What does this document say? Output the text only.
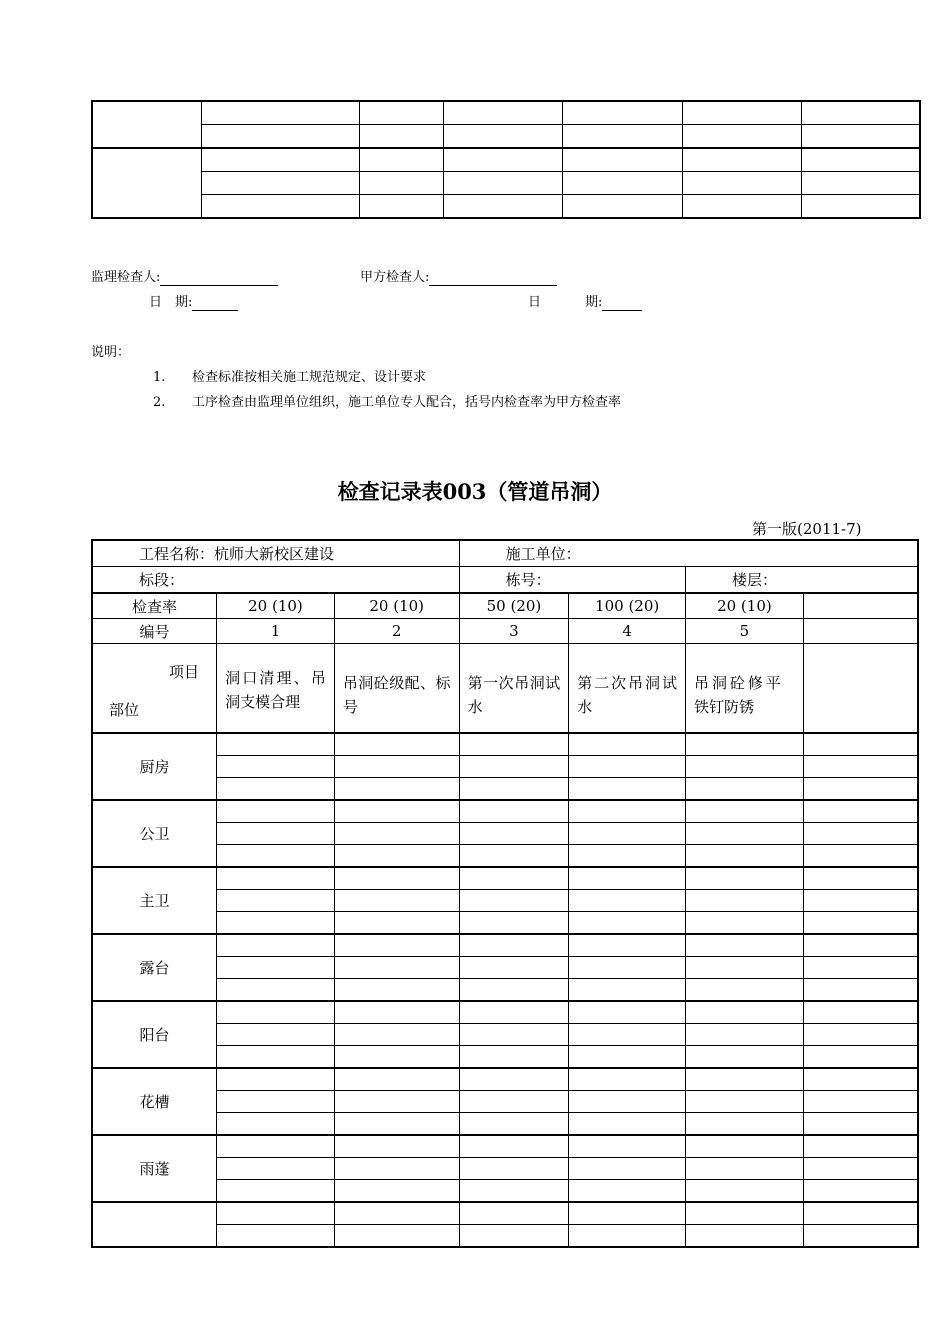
监理检查人:	甲方检查人:
日　期:	日	期:
说明：
1. 检查标准按相关施工规范规定、设计要求
2. 工序检查由监理单位组织，施工单位专人配合，括号内检查率为甲方检查率
检查记录表003（管道吊洞）
第一版(2011-7)
工程名称：杭师大新校区建设			施工单位：			
标段：			栋号：		楼层：	
检查率	20 (10)	20 (10)	50 (20)	100 (20)	20 (10)	
编号	1	2	3	4	5	

项目
部位	洞口清理、吊洞支模合理	吊洞砼级配、标号	第一次吊洞试水	第二次吊洞试水	吊洞砼修平铁钉防锈	
厨房						

公卫						

主卫						

露台						

阳台						

花槽						

雨蓬						
